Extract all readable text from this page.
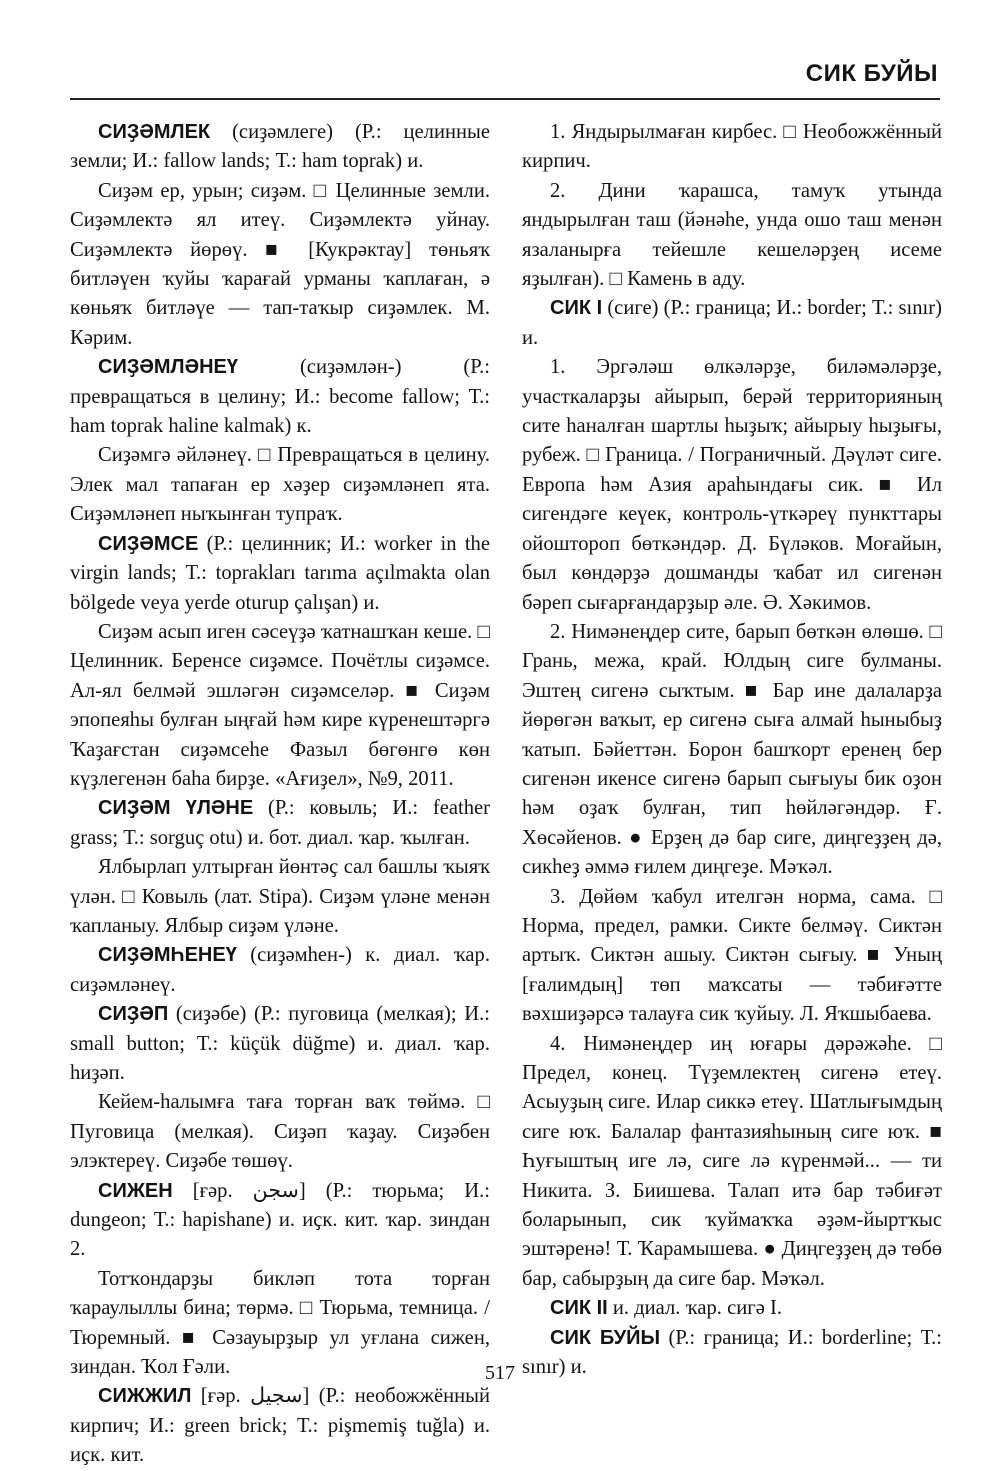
СИК БУЙЫ

СИҘӘМЛЕК (сиҙәмлеге) (Р.: целинные земли; И.: fallow lands; Т.: ham toprak) и.

Сиҙәм ер, урын; сиҙәм. □ Целинные земли. Сиҙәмлектә ял итеү. Сиҙәмлектә уйнау. Сиҙәмлектә йөрөү. ■ [Кукрәктау] төньяҡ битләүен ҡуйы ҡарағай урманы ҡаплаған, ә көньяҡ битләүе — тап-таҡыр сиҙәмлек. М. Кәрим.

СИҘӘМЛӘНЕҮ (сиҙәмлән-) (Р.: превращаться в целину; И.: become fallow; Т.: ham toprak haline kalmak) к.

Сиҙәмгә әйләнеү. □ Превращаться в целину. Элек мал тапаған ер хәҙер сиҙәмләнеп ята. Сиҙәмләнеп ныҡынған тупраҡ.

СИҘӘМСЕ (Р.: целинник; И.: worker in the virgin lands; Т.: toprakları tarıma açılmakta olan bölgede veya yerde oturup çalışan) и.

Сиҙәм асып иген сәсеүҙә ҡатнашҡан кеше. □ Целинник. Беренсе сиҙәмсе. Почётлы сиҙәмсе. Ал-ял белмәй эшләгән сиҙәмселәр. ■ Сиҙәм эпопеяһы булған ыңғай һәм кире күренештәргә Ҡаҙағстан сиҙәмсеһе Фазыл бөгөнгө көн күҙлегенән баһа бирҙе. «Ағиҙел», №9, 2011.

СИҘӘМ ҮЛӘНЕ (Р.: ковыль; И.: feather grass; Т.: sorguç otu) и. бот. диал. ҡар. ҡылған.

Ялбырлап ултырған йөнтәҫ сал башлы ҡыяҡ үлән. □ Ковыль (лат. Stipa). Сиҙәм үләне менән ҡапланыу. Ялбыр сиҙәм үләне.

СИҘӘМҺЕНЕҮ (сиҙәмһен-) к. диал. ҡар. сиҙәмләнеү.

СИҘӘП (сиҙәбе) (Р.: пуговица (мелкая); И.: small button; Т.: küçük düğme) и. диал. ҡар. һиҙәп.

Кейем-һалымға таға торған ваҡ төймә. □ Пуговица (мелкая). Сиҙәп ҡаҙау. Сиҙәбен элэктереү. Сиҙәбе төшөү.

СИЖЕН [ғәр. سجن] (Р.: тюрьма; И.: dungeon; Т.: hapishane) и. иҫк. кит. ҡар. зиндан 2.

Тотҡондарҙы бикләп тота торған ҡараулыллы бина; төрмә. □ Тюрьма, темница. / Тюремный. ■ Сәзауырҙыр ул уғлана сижен, зиндан. Ҡол Ғәли.

СИЖЖИЛ [ғәр. سجيل] (Р.: необожжённый кирпич; И.: green brick; Т.: pişmemiş tuğla) и. иҫк. кит.

1. Яндырылмаған кирбес. □ Необожжённый кирпич.

2. Дини ҡарашса, тамуҡ утында яндырылған таш (йәнәһе, унда ошо таш менән язаланырға тейешле кешеләрҙең исеме яҙылған). □ Камень в аду.

СИК I (сиге) (Р.: граница; И.: border; Т.: sınır) и.

1. Эргәләш өлкәләрҙе, биләмәләрҙе, участкаларҙы айырып, берәй территорияның сите һаналған шартлы һыҙыҡ; айырыу һыҙығы, рубеж. □ Граница. / Пограничный. Дәүләт сиге. Европа һәм Азия араһындағы сик. ■ Ил сигендәге кеүек, контроль-үткәреү пункттары ойоштороп бөткәндәр. Д. Бүләков. Моғайын, был көндәрҙә дошманды ҡабат ил сигенән бәреп сығарғандарҙыр әле. Ә. Хәкимов.

2. Нимәнеңдер сите, барып бөткән өлөшө. □ Грань, межа, край. Юлдың сиге булманы. Эштең сигенә сыҡтым. ■ Бар ине далаларҙа йөрөгән ваҡыт, ер сигенә сыға алмай һыныбыҙ ҡатып. Бәйеттән. Борон башҡорт еренең бер сигенән икенсе сигенә барып сығыуы бик оҙон һәм оҙаҡ булған, тип һөйләгәндәр. Ғ. Хөсәйенов. ● Ерҙең дә бар сиге, диңгеҙҙең дә, сикһеҙ әммә ғилем диңгеҙе. Мәҡәл.

3. Дөйөм ҡабул ителгән норма, сама. □ Норма, предел, рамки. Сикте белмәү. Сиктән артыҡ. Сиктән ашыу. Сиктән сығыу. ■ Уның [ғалимдың] төп маҡсаты — тәбиғәтте вәхшиҙәрсә талауға сик ҡуйыу. Л. Яҡшыбаева.

4. Нимәнеңдер иң юғары дәрәжәһе. □ Предел, конец. Түҙемлектең сигенә етеү. Асыуҙың сиге. Илар сиккә етеү. Шатлығымдың сиге юҡ. Балалар фантазияһының сиге юҡ. ■ Һуғыштың иге лә, сиге лә күренмәй... — ти Никита. З. Биишева. Талап итә бар тәбиғәт боларынып, сик ҡуймаҡҡа әҙәм-йыртҡыс эштәренә! Т. Ҡарамышева. ● Диңгеҙҙең дә төбө бар, сабырҙың да сиге бар. Мәҡәл.

СИК II и. диал. ҡар. сигә I.

СИК БУЙЫ (Р.: граница; И.: borderline; Т.: sınır) и.

517
